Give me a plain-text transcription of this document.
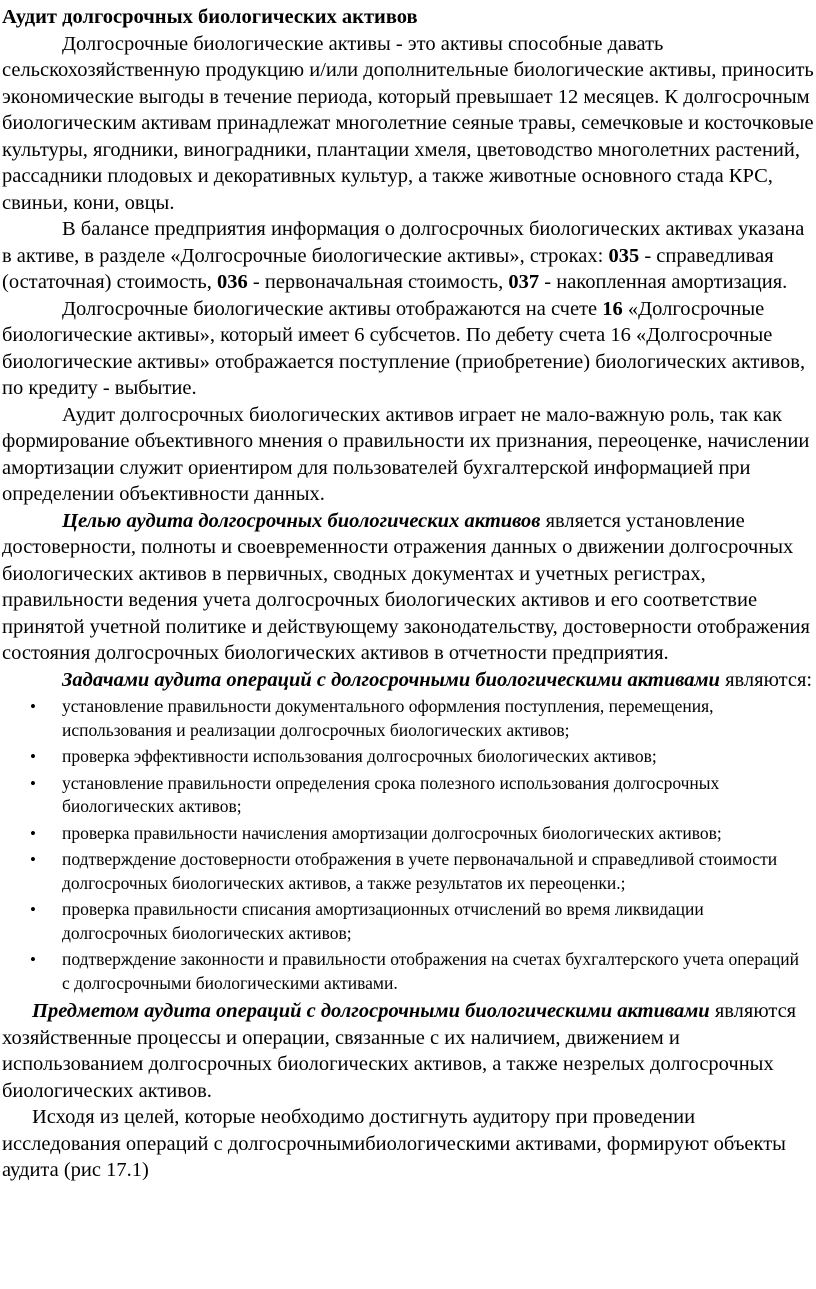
Аудит долгосрочных биологических активов

Долгосрочные биологические активы - это активы способные давать сельскохозяйственную продукцию и/или дополнительные биологические активы, приносить экономические выгоды в течение периода, который превышает 12 месяцев. К долгосрочным биологическим активам принадлежат многолетние сеяные травы, семечковые и косточковые культуры, ягодники, виноградники, плантации хмеля, цветоводство многолетних растений, рассадники плодовых и декоративных культур, а также животные основного стада КРС, свиньи, кони, овцы.

В балансе предприятия информация о долгосрочных биологических активах указана в активе, в разделе «Долгосрочные биологические активы», строках: 035 - справедливая (остаточная) стоимость, 036 - первоначальная стоимость, 037 - накопленная амортизация.

Долгосрочные биологические активы отображаются на счете 16 «Долгосрочные биологические активы», который имеет 6 субсчетов. По дебету счета 16 «Долгосрочные биологические активы» отображается поступление (приобретение) биологических активов, по кредиту - выбытие.

Аудит долгосрочных биологических активов играет не мало-важную роль, так как формирование объективного мнения о правильности их признания, переоценке, начислении амортизации служит ориентиром для пользователей бухгалтерской информацией при определении объективности данных.

Целью аудита долгосрочных биологических активов является установление достоверности, полноты и своевременности отражения данных о движении долгосрочных биологических активов в первичных, сводных документах и учетных регистрах, правильности ведения учета долгосрочных биологических активов и его соответствие принятой учетной политике и действующему законодательству, достоверности отображения состояния долгосрочных биологических активов в отчетности предприятия.

Задачами аудита операций с долгосрочными биологическими активами являются:

• установление правильности документального оформления поступления, перемещения, использования и реализации долгосрочных биологических активов;
• проверка эффективности использования долгосрочных биологических активов;
• установление правильности определения срока полезного использования долгосрочных биологических активов;
• проверка правильности начисления амортизации долгосрочных биологических активов;
• подтверждение достоверности отображения в учете первоначальной и справедливой стоимости долгосрочных биологических активов, а также результатов их переоценки.;
• проверка правильности списания амортизационных отчислений во время ликвидации долгосрочных биологических активов;
• подтверждение законности и правильности отображения на счетах бухгалтерского учета операций с долгосрочными биологическими активами.

Предметом аудита операций с долгосрочными биологическими активами являются хозяйственные процессы и операции, связанные с их наличием, движением и использованием долгосрочных биологических активов, а также незрелых долгосрочных биологических активов.

Исходя из целей, которые необходимо достигнуть аудитору при проведении исследования операций с долгосрочнымибиологическими активами, формируют объекты аудита (рис 17.1)
